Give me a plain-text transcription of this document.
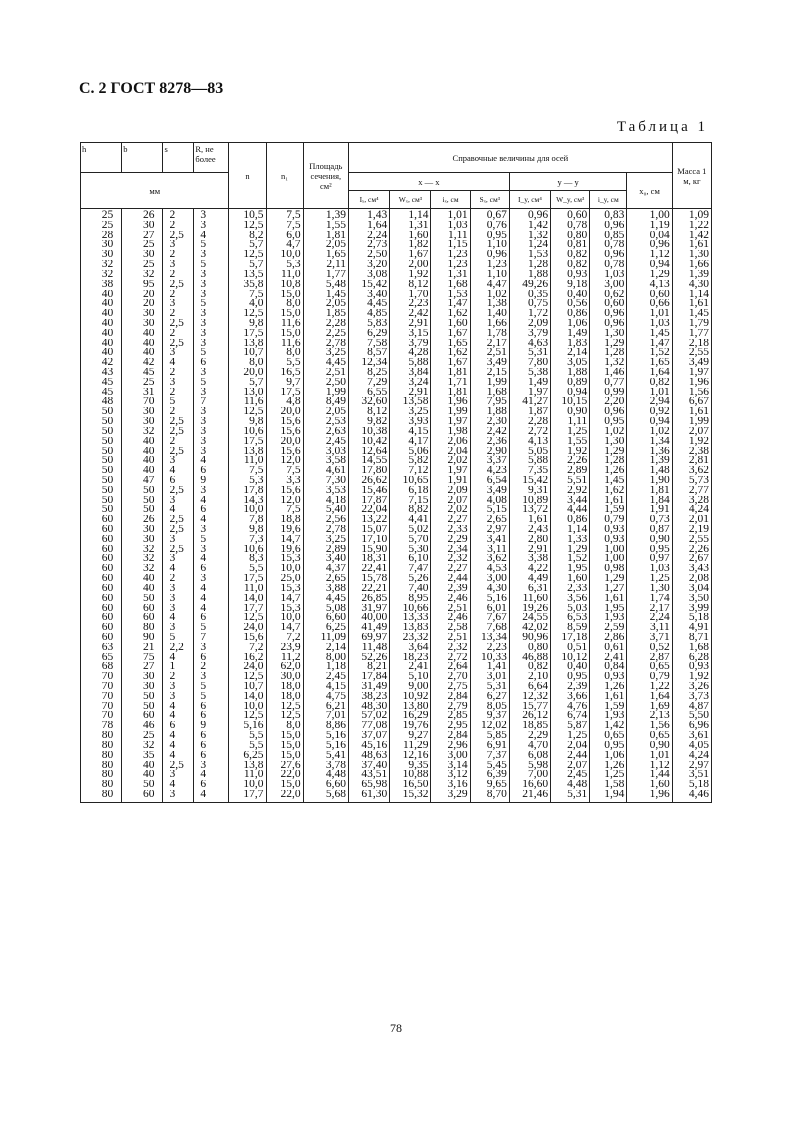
С. 2 ГОСТ 8278—83
Таблица 1
h	b	s	R, не более	n	n₁	Площадь сечения, см²	Справочные величины для осей								Масса 1 м, кг
мм							x — x				y — y			x₀, см	
							Iₓ, см⁴	Wₓ, см³	iₓ, см	Sₓ, см³	I_y, см⁴	W_y, см³	i_y, см		
25	26	2	3	10,5	7,5	1,39	1,43	1,14	1,01	0,67	0,96	0,60	0,83	1,00	1,09
25	30	2	3	12,5	7,5	1,55	1,64	1,31	1,03	0,76	1,42	0,78	0,96	1,19	1,22
28	27	2,5	4	8,2	6,0	1,81	2,24	1,60	1,11	0,95	1,32	0,80	0,85	0,04	1,42
30	25	3	5	5,7	4,7	2,05	2,73	1,82	1,15	1,10	1,24	0,81	0,78	0,96	1,61
30	30	2	3	12,5	10,0	1,65	2,50	1,67	1,23	0,96	1,53	0,82	0,96	1,12	1,30
32	25	3	5	5,7	5,3	2,11	3,20	2,00	1,23	1,23	1,28	0,82	0,78	0,94	1,66
32	32	2	3	13,5	11,0	1,77	3,08	1,92	1,31	1,10	1,88	0,93	1,03	1,29	1,39
38	95	2,5	3	35,8	10,8	5,48	15,42	8,12	1,68	4,47	49,26	9,18	3,00	4,13	4,30
40	20	2	3	7,5	15,0	1,45	3,40	1,70	1,53	1,02	0,35	0,40	0,62	0,60	1,14
40	20	3	5	4,0	8,0	2,05	4,45	2,23	1,47	1,38	0,75	0,56	0,60	0,66	1,61
40	30	2	3	12,5	15,0	1,85	4,85	2,42	1,62	1,40	1,72	0,86	0,96	1,01	1,45
40	30	2,5	3	9,8	11,6	2,28	5,83	2,91	1,60	1,66	2,09	1,06	0,96	1,03	1,79
40	40	2	3	17,5	15,0	2,25	6,29	3,15	1,67	1,78	3,79	1,49	1,30	1,45	1,77
40	40	2,5	3	13,8	11,6	2,78	7,58	3,79	1,65	2,17	4,63	1,83	1,29	1,47	2,18
40	40	3	5	10,7	8,0	3,25	8,57	4,28	1,62	2,51	5,31	2,14	1,28	1,52	2,55
42	42	4	6	8,0	5,5	4,45	12,34	5,88	1,67	3,49	7,80	3,05	1,32	1,65	3,49
43	45	2	3	20,0	16,5	2,51	8,25	3,84	1,81	2,15	5,38	1,88	1,46	1,64	1,97
45	25	3	5	5,7	9,7	2,50	7,29	3,24	1,71	1,99	1,49	0,89	0,77	0,82	1,96
45	31	2	3	13,0	17,5	1,99	6,55	2,91	1,81	1,68	1,97	0,94	0,99	1,01	1,56
48	70	5	7	11,6	4,8	8,49	32,60	13,58	1,96	7,95	41,27	10,15	2,20	2,94	6,67
50	30	2	3	12,5	20,0	2,05	8,12	3,25	1,99	1,88	1,87	0,90	0,96	0,92	1,61
50	30	2,5	3	9,8	15,6	2,53	9,82	3,93	1,97	2,30	2,28	1,11	0,95	0,94	1,99
50	32	2,5	3	10,6	15,6	2,63	10,38	4,15	1,98	2,42	2,72	1,25	1,02	1,02	2,07
50	40	2	3	17,5	20,0	2,45	10,42	4,17	2,06	2,36	4,13	1,55	1,30	1,34	1,92
50	40	2,5	3	13,8	15,6	3,03	12,64	5,06	2,04	2,90	5,05	1,92	1,29	1,36	2,38
50	40	3	4	11,0	12,0	3,58	14,55	5,82	2,02	3,37	5,88	2,26	1,28	1,39	2,81
50	40	4	6	7,5	7,5	4,61	17,80	7,12	1,97	4,23	7,35	2,89	1,26	1,48	3,62
50	47	6	9	5,3	3,3	7,30	26,62	10,65	1,91	6,54	15,42	5,51	1,45	1,90	5,73
50	50	2,5	3	17,8	15,6	3,53	15,46	6,18	2,09	3,49	9,31	2,92	1,62	1,81	2,77
50	50	3	4	14,3	12,0	4,18	17,87	7,15	2,07	4,08	10,89	3,44	1,61	1,84	3,28
50	50	4	6	10,0	7,5	5,40	22,04	8,82	2,02	5,15	13,72	4,44	1,59	1,91	4,24
60	26	2,5	4	7,8	18,8	2,56	13,22	4,41	2,27	2,65	1,61	0,86	0,79	0,73	2,01
60	30	2,5	3	9,8	19,6	2,78	15,07	5,02	2,33	2,97	2,43	1,14	0,93	0,87	2,19
60	30	3	5	7,3	14,7	3,25	17,10	5,70	2,29	3,41	2,80	1,33	0,93	0,90	2,55
60	32	2,5	3	10,6	19,6	2,89	15,90	5,30	2,34	3,11	2,91	1,29	1,00	0,95	2,26
60	32	3	4	8,3	15,3	3,40	18,31	6,10	2,32	3,62	3,38	1,52	1,00	0,97	2,67
60	32	4	6	5,5	10,0	4,37	22,41	7,47	2,27	4,53	4,22	1,95	0,98	1,03	3,43
60	40	2	3	17,5	25,0	2,65	15,78	5,26	2,44	3,00	4,49	1,60	1,29	1,25	2,08
60	40	3	4	11,0	15,3	3,88	22,21	7,40	2,39	4,30	6,31	2,33	1,27	1,30	3,04
60	50	3	4	14,0	14,7	4,45	26,85	8,95	2,46	5,16	11,60	3,56	1,61	1,74	3,50
60	60	3	4	17,7	15,3	5,08	31,97	10,66	2,51	6,01	19,26	5,03	1,95	2,17	3,99
60	60	4	6	12,5	10,0	6,60	40,00	13,33	2,46	7,67	24,55	6,53	1,93	2,24	5,18
60	80	3	5	24,0	14,7	6,25	41,49	13,83	2,58	7,68	42,02	8,59	2,59	3,11	4,91
60	90	5	7	15,6	7,2	11,09	69,97	23,32	2,51	13,34	90,96	17,18	2,86	3,71	8,71
63	21	2,2	3	7,2	23,9	2,14	11,48	3,64	2,32	2,23	0,80	0,51	0,61	0,52	1,68
65	75	4	6	16,2	11,2	8,00	52,26	18,23	2,72	10,33	46,88	10,12	2,41	2,87	6,28
68	27	1	2	24,0	62,0	1,18	8,21	2,41	2,64	1,41	0,82	0,40	0,84	0,65	0,93
70	30	2	3	12,5	30,0	2,45	17,84	5,10	2,70	3,01	2,10	0,95	0,93	0,79	1,92
70	30	3	5	10,7	18,0	4,15	31,49	9,00	2,75	5,31	6,64	2,39	1,26	1,22	3,26
70	50	3	5	14,0	18,0	4,75	38,23	10,92	2,84	6,27	12,32	3,66	1,61	1,64	3,73
70	50	4	6	10,0	12,5	6,21	48,30	13,80	2,79	8,05	15,77	4,76	1,59	1,69	4,87
70	60	4	6	12,5	12,5	7,01	57,02	16,29	2,85	9,37	26,12	6,74	1,93	2,13	5,50
78	46	6	9	5,16	8,0	8,86	77,08	19,76	2,95	12,02	18,85	5,87	1,42	1,56	6,96
80	25	4	6	5,5	15,0	5,16	37,07	9,27	2,84	5,85	2,29	1,25	0,65	0,65	3,61
80	32	4	6	5,5	15,0	5,16	45,16	11,29	2,96	6,91	4,70	2,04	0,95	0,90	4,05
80	35	4	6	6,25	15,0	5,41	48,63	12,16	3,00	7,37	6,08	2,44	1,06	1,01	4,24
80	40	2,5	3	13,8	27,6	3,78	37,40	9,35	3,14	5,45	5,98	2,07	1,26	1,12	2,97
80	40	3	4	11,0	22,0	4,48	43,51	10,88	3,12	6,39	7,00	2,45	1,25	1,44	3,51
80	50	4	6	10,0	15,0	6,60	65,98	16,50	3,16	9,65	16,60	4,48	1,58	1,60	5,18
80	60	3	4	17,7	22,0	5,68	61,30	15,32	3,29	8,70	21,46	5,31	1,94	1,96	4,46
78
